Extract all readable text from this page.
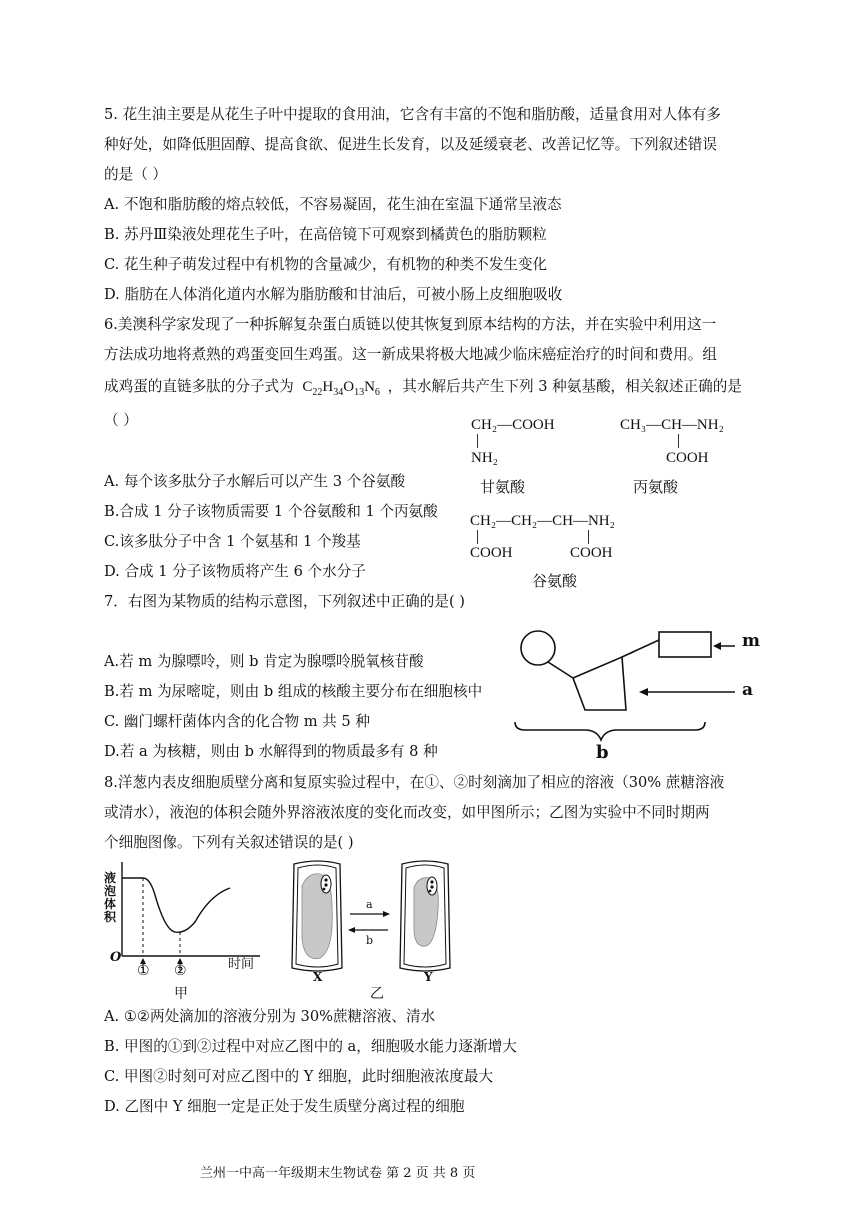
5. 花生油主要是从花生子叶中提取的食用油，它含有丰富的不饱和脂肪酸，适量食用对人体有多
种好处，如降低胆固醇、提高食欲、促进生长发育，以及延缓衰老、改善记忆等。下列叙述错误
的是（ ）
A. 不饱和脂肪酸的熔点较低，不容易凝固，花生油在室温下通常呈液态
B. 苏丹Ⅲ染液处理花生子叶，在高倍镜下可观察到橘黄色的脂肪颗粒
C. 花生种子萌发过程中有机物的含量减少，有机物的种类不发生变化
D. 脂肪在人体消化道内水解为脂肪酸和甘油后，可被小肠上皮细胞吸收
6.美澳科学家发现了一种拆解复杂蛋白质链以使其恢复到原本结构的方法，并在实验中利用这一
方法成功地将煮熟的鸡蛋变回生鸡蛋。这一新成果将极大地减少临床癌症治疗的时间和费用。组
成鸡蛋的直链多肽的分子式为 $C_{22}H_{34}O_{13}N_6$ ，其水解后共产生下列 3 种氨基酸，相关叙述正确的是
（ ）
A. 每个该多肽分子水解后可以产生 3 个谷氨酸
B.合成 1 分子该物质需要 1 个谷氨酸和 1 个丙氨酸
C.该多肽分子中含 1 个氨基和 1 个羧基
D. 合成 1 分子该物质将产生 6 个水分子
CH₂—COOH
NH₂
甘氨酸
CH₃—CH—NH₂
COOH
丙氨酸
CH₂—CH₂—CH—NH₂
COOH	COOH
谷氨酸
7．右图为某物质的结构示意图，下列叙述中正确的是( )
A.若 m 为腺嘌呤，则 b 肯定为腺嘌呤脱氧核苷酸
B.若 m 为尿嘧啶，则由 b 组成的核酸主要分布在细胞核中
C. 幽门螺杆菌体内含的化合物 m 共 5 种
D.若 a 为核糖，则由 b 水解得到的物质最多有 8 种
m
a
b
8.洋葱内表皮细胞质壁分离和复原实验过程中，在①、②时刻滴加了相应的溶液（30% 蔗糖溶液
或清水），液泡的体积会随外界溶液浓度的变化而改变，如甲图所示；乙图为实验中不同时期两
个细胞图像。下列有关叙述错误的是( )
液泡体积
O	时间
① ②
甲
a
b
X	Y
乙
A. ①②两处滴加的溶液分别为 30%蔗糖溶液、清水
B. 甲图的①到②过程中对应乙图中的 a，细胞吸水能力逐渐增大
C. 甲图②时刻可对应乙图中的 Y 细胞，此时细胞液浓度最大
D. 乙图中 Y 细胞一定是正处于发生质壁分离过程的细胞
兰州一中高一年级期末生物试卷 第 2 页 共 8 页
